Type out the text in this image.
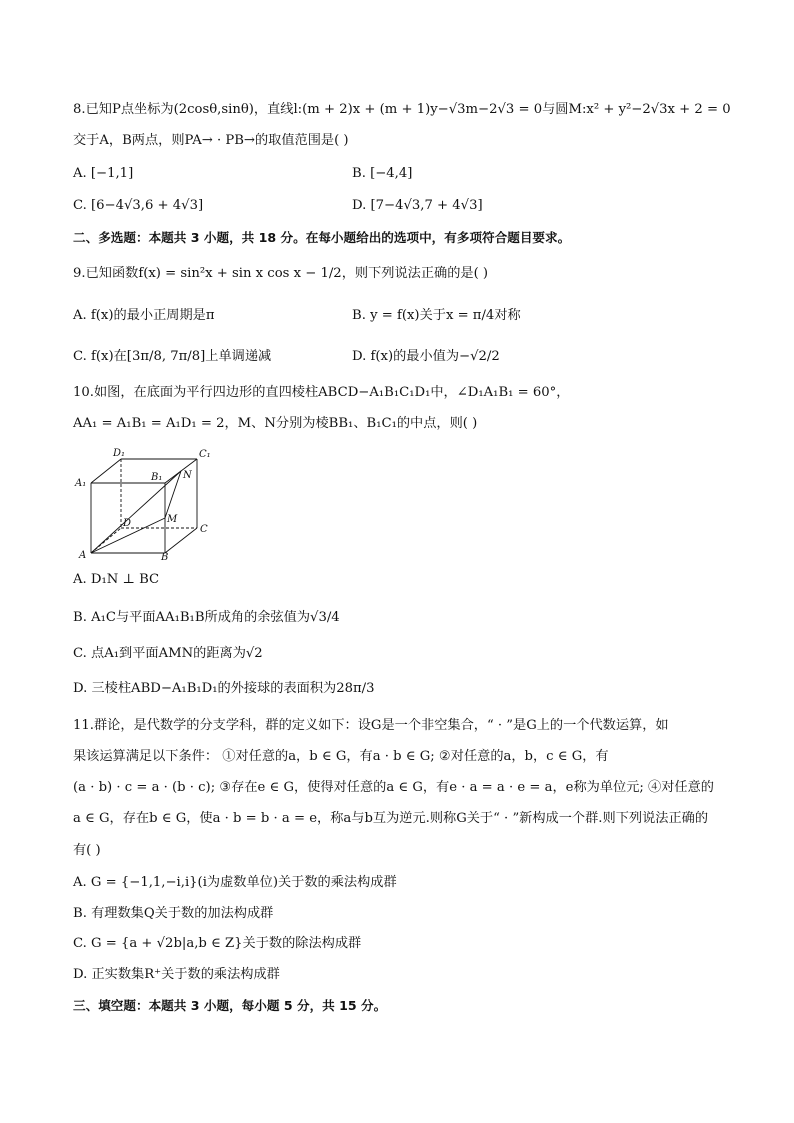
8.已知P点坐标为(2cosθ,sinθ)，直线l:(m + 2)x + (m + 1)y−√3m−2√3 = 0与圆M:x² + y²−2√3x + 2 = 0
交于A，B两点，则PA→ · PB→的取值范围是( )
A. [−1,1]	B. [−4,4]
C. [6−4√3,6 + 4√3]	D. [7−4√3,7 + 4√3]
二、多选题：本题共 3 小题，共 18 分。在每小题给出的选项中，有多项符合题目要求。
9.已知函数f(x) = sin²x + sin x cos x − 1/2，则下列说法正确的是( )
A. f(x)的最小正周期是π	B. y = f(x)关于x = π/4对称
C. f(x)在[3π/8, 7π/8]上单调递减	D. f(x)的最小值为−√2/2
10.如图，在底面为平行四边形的直四棱柱ABCD−A₁B₁C₁D₁中，∠D₁A₁B₁ = 60°，
AA₁ = A₁B₁ = A₁D₁ = 2，M、N分别为棱BB₁、B₁C₁的中点，则( )
D₁	C₁
A₁
B₁ N
D	M
C
A	B
A. D₁N ⊥ BC
B. A₁C与平面AA₁B₁B所成角的余弦值为√3/4
C. 点A₁到平面AMN的距离为√2
D. 三棱柱ABD−A₁B₁D₁的外接球的表面积为28π/3
11.群论，是代数学的分支学科，群的定义如下：设G是一个非空集合，“ · ”是G上的一个代数运算，如
果该运算满足以下条件： ①对任意的a，b ∈ G，有a · b ∈ G; ②对任意的a，b，c ∈ G，有
(a · b) · c = a · (b · c); ③存在e ∈ G，使得对任意的a ∈ G，有e · a = a · e = a，e称为单位元; ④对任意的
a ∈ G，存在b ∈ G，使a · b = b · a = e，称a与b互为逆元.则称G关于“ · ”新构成一个群.则下列说法正确的
有( )
A. G = {−1,1,−i,i}(i为虚数单位)关于数的乘法构成群
B. 有理数集Q关于数的加法构成群
C. G = {a + √2b|a,b ∈ Z}关于数的除法构成群
D. 正实数集R⁺关于数的乘法构成群
三、填空题：本题共 3 小题，每小题 5 分，共 15 分。
